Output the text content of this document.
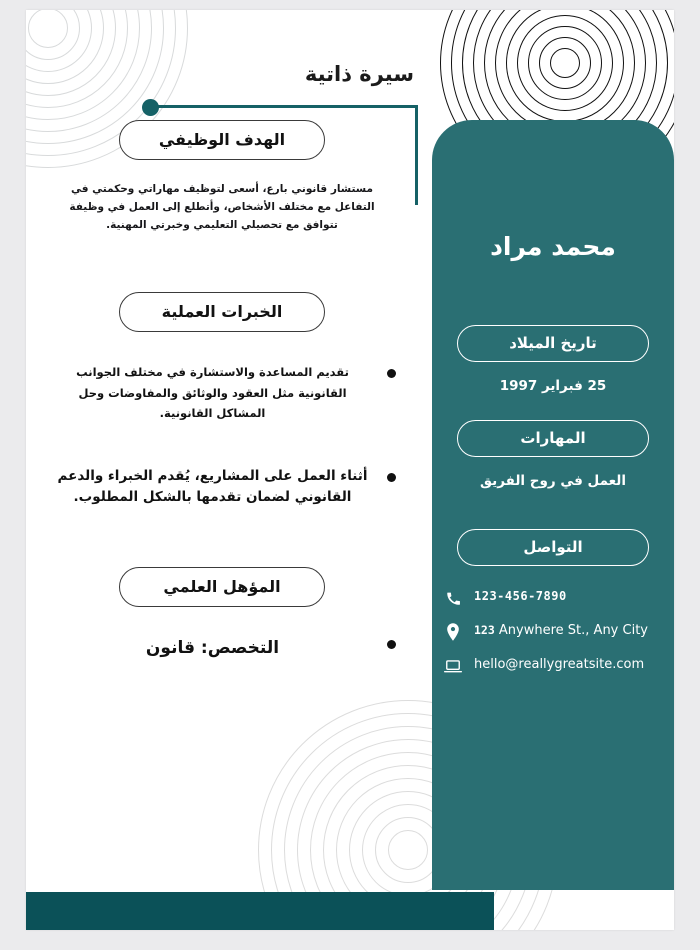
سيرة ذاتية
الهدف الوظيفي
مستشار قانوني بارع، أسعى لتوظيف مهاراتي وحكمتي في التفاعل مع مختلف الأشخاص، وأتطلع إلى العمل في وظيفة تتوافق مع تحصيلي التعليمي وخبرتي المهنية.
الخبرات العملية
تقديم المساعدة والاستشارة في مختلف الجوانب القانونية مثل العقود والوثائق والمفاوضات وحل المشاكل القانونية.
أثناء العمل على المشاريع، يُقدم الخبراء والدعم القانوني لضمان تقدمها بالشكل المطلوب.
المؤهل العلمي
التخصص: قانون
محمد مراد
تاريخ الميلاد
25 فبراير 1997
المهارات
العمل في روح الفريق
التواصل
123-456-7890
123 Anywhere St., Any City
hello@reallygreatsite.com
